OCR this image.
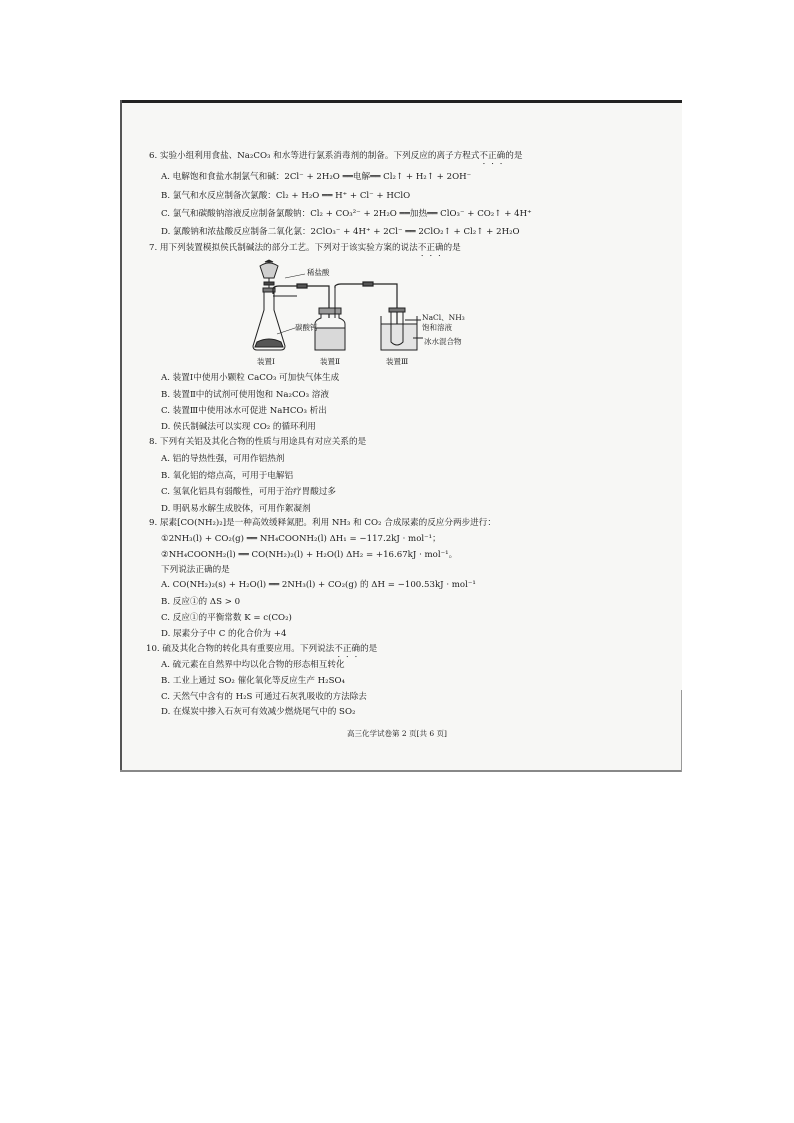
6. 实验小组利用食盐、Na₂CO₃ 和水等进行氯系消毒剂的制备。下列反应的离子方程式不正确的是
A. 电解饱和食盐水制氯气和碱：2Cl⁻ + 2H₂O ══电解══ Cl₂↑ + H₂↑ + 2OH⁻
B. 氯气和水反应制备次氯酸：Cl₂ + H₂O ══ H⁺ + Cl⁻ + HClO
C. 氯气和碳酸钠溶液反应制备氯酸钠：Cl₂ + CO₃²⁻ + 2H₂O ══加热══ ClO₃⁻ + CO₂↑ + 4H⁺
D. 氯酸钠和浓盐酸反应制备二氧化氯：2ClO₃⁻ + 4H⁺ + 2Cl⁻ ══ 2ClO₂↑ + Cl₂↑ + 2H₂O
7. 用下列装置模拟侯氏制碱法的部分工艺。下列对于该实验方案的说法不正确的是
稀盐酸
碳酸钙
NaCl、NH₃
饱和溶液
冰水混合物
装置Ⅰ	装置Ⅱ	装置Ⅲ
A. 装置Ⅰ中使用小颗粒 CaCO₃ 可加快气体生成
B. 装置Ⅱ中的试剂可使用饱和 Na₂CO₃ 溶液
C. 装置Ⅲ中使用冰水可促进 NaHCO₃ 析出
D. 侯氏制碱法可以实现 CO₂ 的循环利用
8. 下列有关铝及其化合物的性质与用途具有对应关系的是
A. 铝的导热性强，可用作铝热剂
B. 氧化铝的熔点高，可用于电解铝
C. 氢氧化铝具有弱酸性，可用于治疗胃酸过多
D. 明矾易水解生成胶体，可用作絮凝剂
9. 尿素[CO(NH₂)₂]是一种高效缓释氮肥。利用 NH₃ 和 CO₂ 合成尿素的反应分两步进行：
①2NH₃(l) + CO₂(g) ══ NH₄COONH₂(l) ΔH₁ = −117.2kJ · mol⁻¹；
②NH₄COONH₂(l) ══ CO(NH₂)₂(l) + H₂O(l) ΔH₂ = +16.67kJ · mol⁻¹。
下列说法正确的是
A. CO(NH₂)₂(s) + H₂O(l) ══ 2NH₃(l) + CO₂(g) 的 ΔH = −100.53kJ · mol⁻¹
B. 反应①的 ΔS > 0
C. 反应①的平衡常数 K = c(CO₂)
D. 尿素分子中 C 的化合价为 +4
10. 硫及其化合物的转化具有重要应用。下列说法不正确的是
A. 硫元素在自然界中均以化合物的形态相互转化
B. 工业上通过 SO₂ 催化氧化等反应生产 H₂SO₄
C. 天然气中含有的 H₂S 可通过石灰乳吸收的方法除去
D. 在煤炭中掺入石灰可有效减少燃烧尾气中的 SO₂
高三化学试卷第 2 页[共 6 页]
